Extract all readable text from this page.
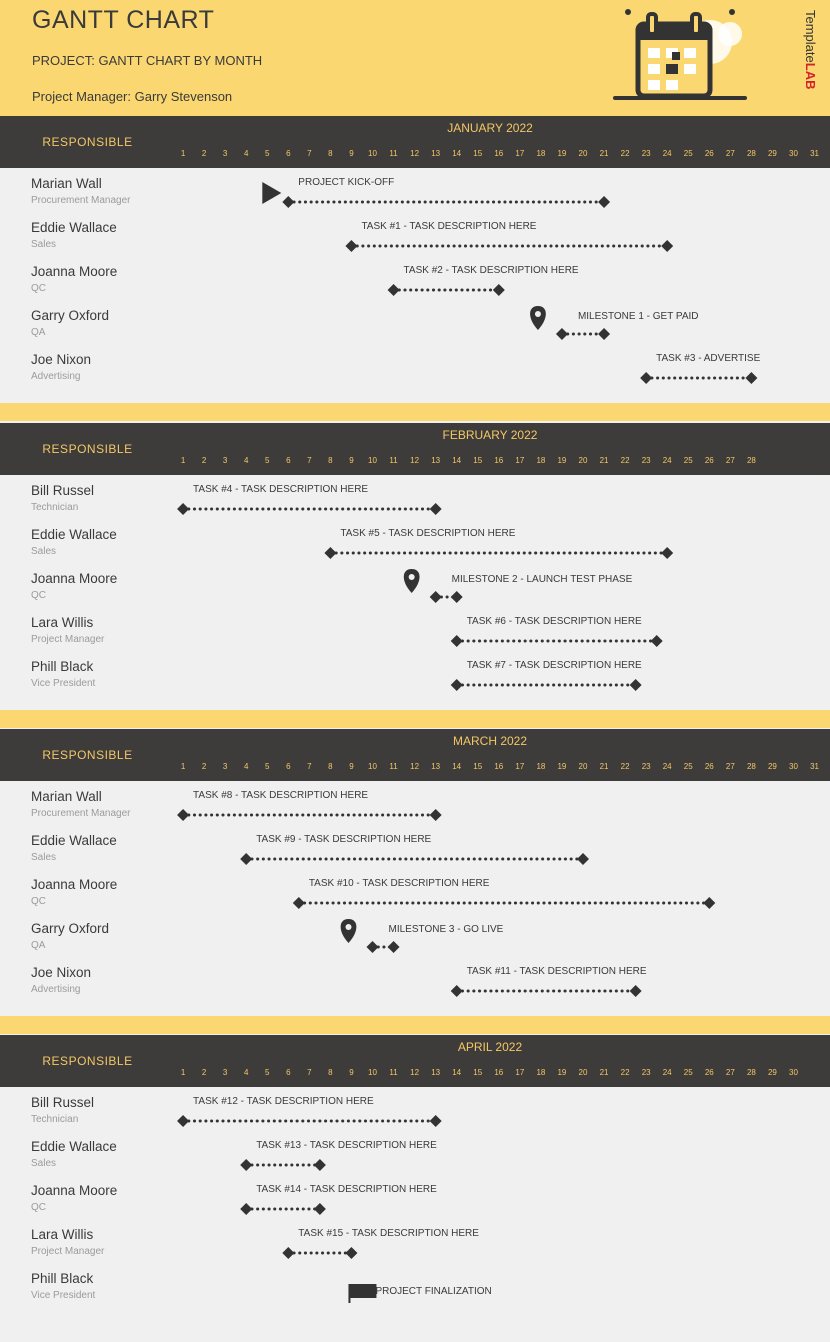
GANTT CHART
PROJECT: GANTT CHART BY MONTH
Project Manager: Garry Stevenson
TemplateLAB
RESPONSIBLE
JANUARY 2022
1	2	3	4	5	6	7	8	9	10	11	12	13	14	15	16	17	18	19	20	21	22	23	24	25	26	27	28	29	30	31
Marian Wall
Procurement Manager
PROJECT KICK-OFF
Eddie Wallace
Sales
TASK #1 - TASK DESCRIPTION HERE
Joanna Moore
QC
TASK #2 - TASK DESCRIPTION HERE
Garry Oxford
QA
MILESTONE 1 - GET PAID
Joe Nixon
Advertising
TASK #3 - ADVERTISE
RESPONSIBLE
FEBRUARY 2022
1	2	3	4	5	6	7	8	9	10	11	12	13	14	15	16	17	18	19	20	21	22	23	24	25	26	27	28
Bill Russel
Technician
TASK #4 - TASK DESCRIPTION HERE
Eddie Wallace
Sales
TASK #5 - TASK DESCRIPTION HERE
Joanna Moore
QC
MILESTONE 2 - LAUNCH TEST PHASE
Lara Willis
Project Manager
TASK #6 - TASK DESCRIPTION HERE
Phill Black
Vice President
TASK #7 - TASK DESCRIPTION HERE
RESPONSIBLE
MARCH 2022
1	2	3	4	5	6	7	8	9	10	11	12	13	14	15	16	17	18	19	20	21	22	23	24	25	26	27	28	29	30	31
Marian Wall
Procurement Manager
TASK #8 - TASK DESCRIPTION HERE
Eddie Wallace
Sales
TASK #9 - TASK DESCRIPTION HERE
Joanna Moore
QC
TASK #10 - TASK DESCRIPTION HERE
Garry Oxford
QA
MILESTONE 3 - GO LIVE
Joe Nixon
Advertising
TASK #11 - TASK DESCRIPTION HERE
RESPONSIBLE
APRIL 2022
1	2	3	4	5	6	7	8	9	10	11	12	13	14	15	16	17	18	19	20	21	22	23	24	25	26	27	28	29	30
Bill Russel
Technician
TASK #12 - TASK DESCRIPTION HERE
Eddie Wallace
Sales
TASK #13 - TASK DESCRIPTION HERE
Joanna Moore
QC
TASK #14 - TASK DESCRIPTION HERE
Lara Willis
Project Manager
TASK #15 - TASK DESCRIPTION HERE
Phill Black
Vice President	PROJECT FINALIZATION
